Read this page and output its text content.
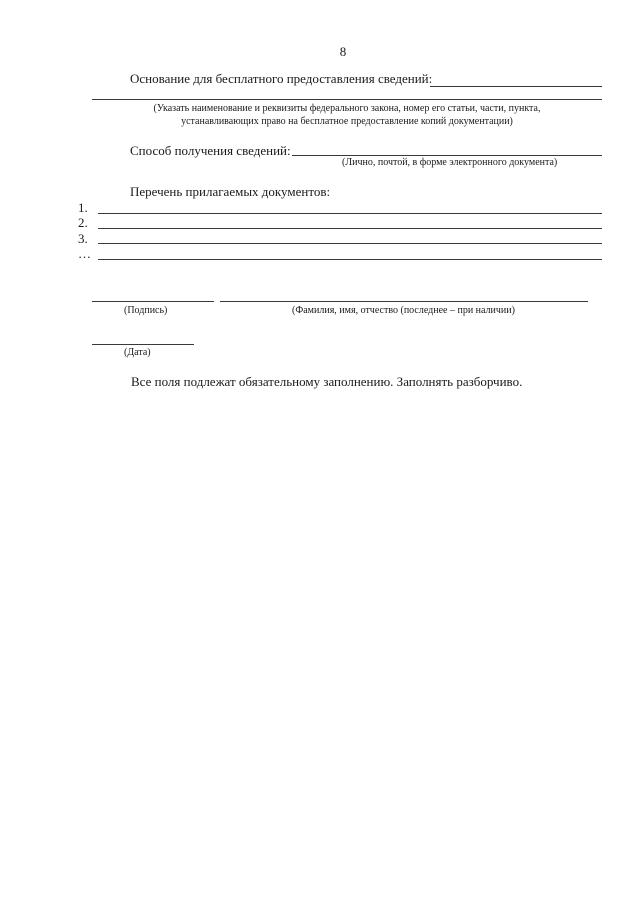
8
Основание для бесплатного предоставления сведений:
(Указать наименование и реквизиты федерального закона, номер его статьи, части, пункта,
устанавливающих право на бесплатное предоставление копий документации)
Способ получения сведений:
(Лично, почтой, в форме электронного документа)
Перечень прилагаемых документов:
1.
2.
3.
…
(Подпись)	(Фамилия, имя, отчество (последнее – при наличии)
(Дата)
Все поля подлежат обязательному заполнению. Заполнять разборчиво.
